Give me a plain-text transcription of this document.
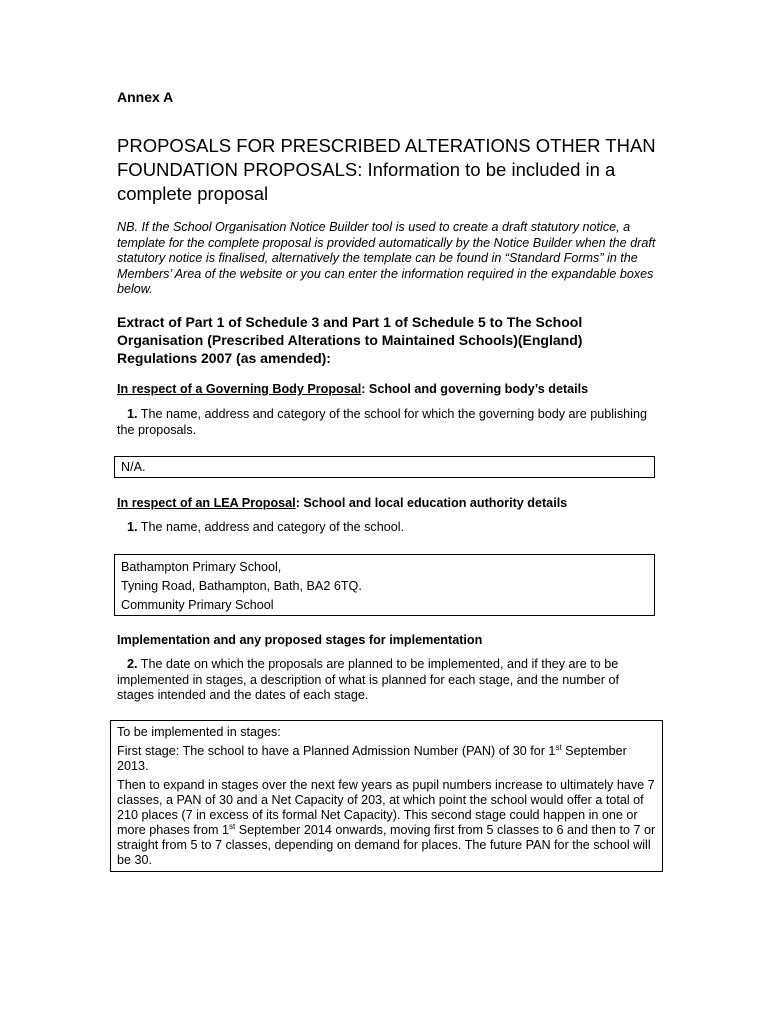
Annex A
PROPOSALS FOR PRESCRIBED ALTERATIONS OTHER THAN FOUNDATION PROPOSALS: Information to be included in a complete proposal
NB. If the School Organisation Notice Builder tool is used to create a draft statutory notice, a template for the complete proposal is provided automatically by the Notice Builder when the draft statutory notice is finalised, alternatively the template can be found in “Standard Forms” in the Members’ Area of the website or you can enter the information required in the expandable boxes below.
Extract of Part 1 of Schedule 3 and Part 1 of Schedule 5 to The School Organisation (Prescribed Alterations to Maintained Schools)(England) Regulations 2007 (as amended):
In respect of a Governing Body Proposal: School and governing body’s details
1. The name, address and category of the school for which the governing body are publishing the proposals.
N/A.
In respect of an LEA Proposal: School and local education authority details
1. The name, address and category of the school.
Bathampton Primary School,
Tyning Road, Bathampton, Bath, BA2 6TQ.
Community Primary School
Implementation and any proposed stages for implementation
2. The date on which the proposals are planned to be implemented, and if they are to be implemented in stages, a description of what is planned for each stage, and the number of stages intended and the dates of each stage.
To be implemented in stages:
First stage: The school to have a Planned Admission Number (PAN) of 30 for 1st September 2013.
Then to expand in stages over the next few years as pupil numbers increase to ultimately have 7 classes, a PAN of 30 and a Net Capacity of 203, at which point the school would offer a total of 210 places (7 in excess of its formal Net Capacity). This second stage could happen in one or more phases from 1st September 2014 onwards, moving first from 5 classes to 6 and then to 7 or straight from 5 to 7 classes, depending on demand for places. The future PAN for the school will be 30.
